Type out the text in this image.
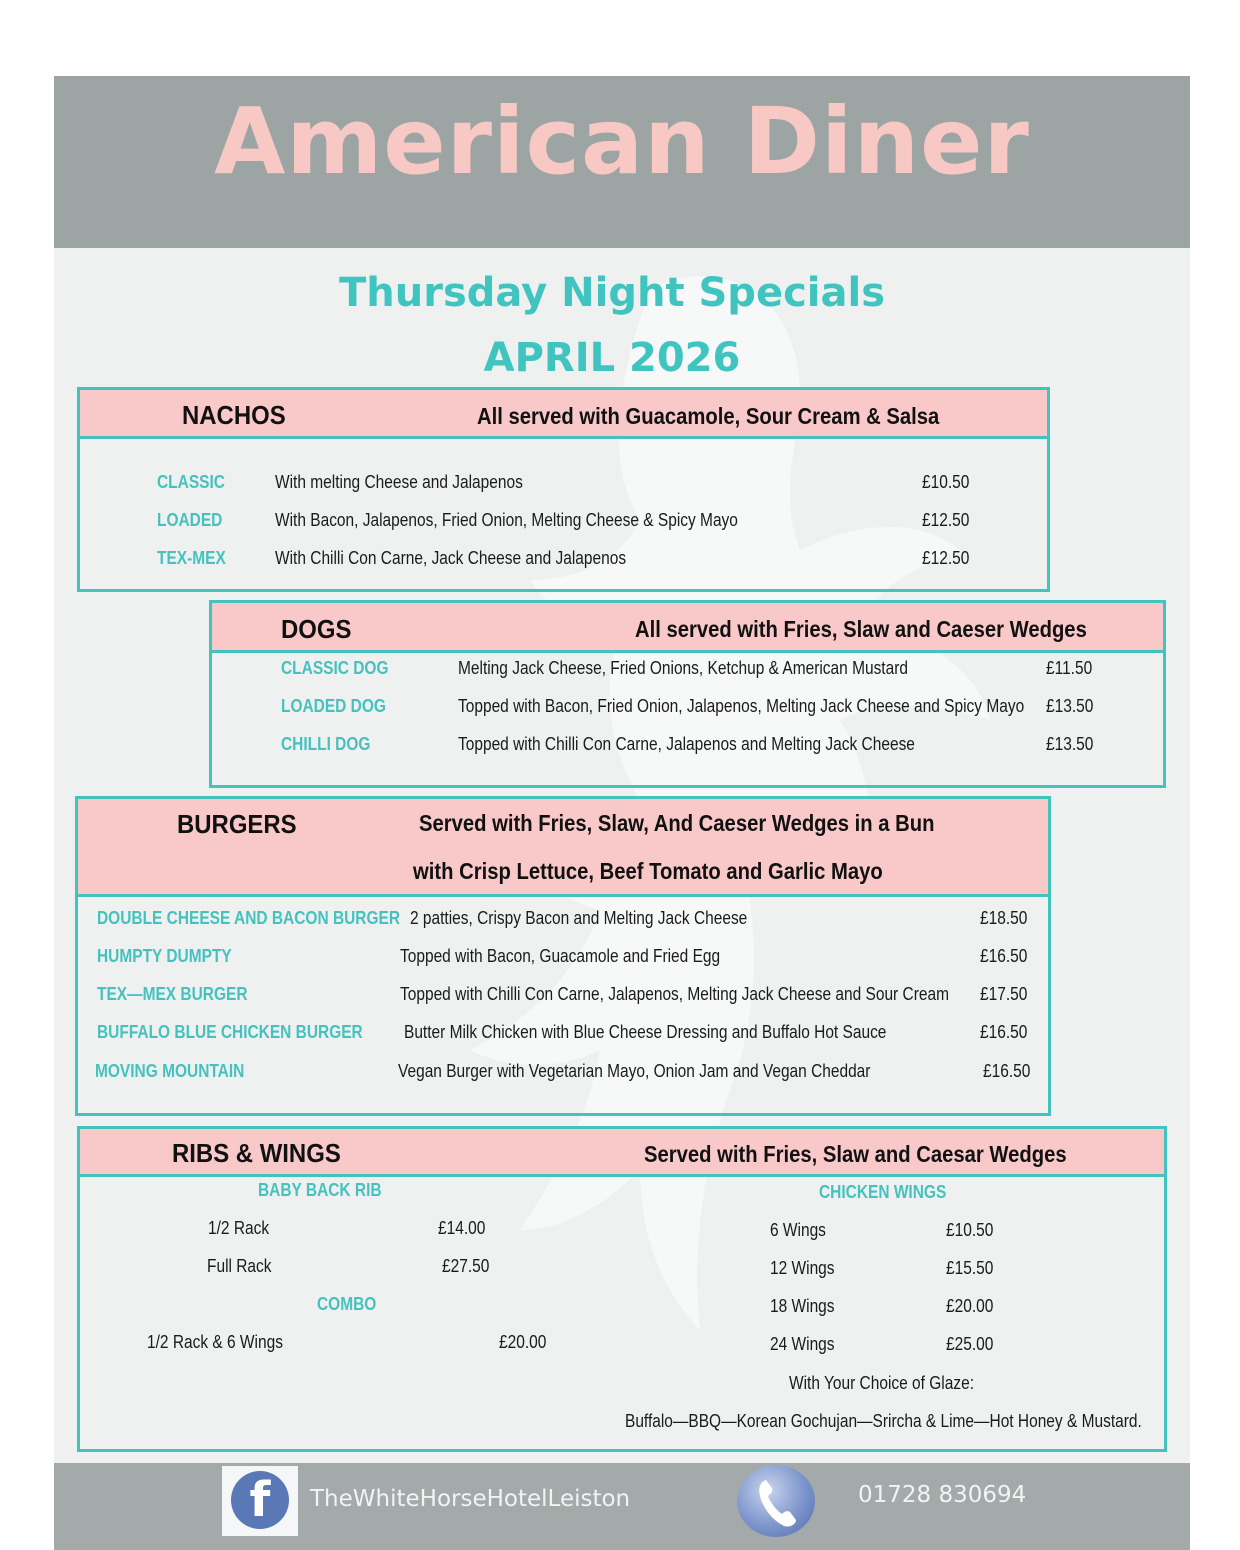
American Diner
Thursday Night Specials
APRIL 2026
NACHOS	All served with Guacamole, Sour Cream & Salsa
CLASSIC	With melting Cheese and Jalapenos	£10.50
LOADED	With Bacon, Jalapenos, Fried Onion, Melting Cheese & Spicy Mayo	£12.50
TEX-MEX	With Chilli Con Carne, Jack Cheese and Jalapenos	£12.50
DOGS	All served with Fries, Slaw and Caeser Wedges
CLASSIC DOG	Melting Jack Cheese, Fried Onions, Ketchup & American Mustard	£11.50
LOADED DOG	Topped with Bacon, Fried Onion, Jalapenos, Melting Jack Cheese and Spicy Mayo £13.50
CHILLI DOG	Topped with Chilli Con Carne, Jalapenos and Melting Jack Cheese	£13.50
BURGERS	Served with Fries, Slaw, And Caeser Wedges in a Bun
with Crisp Lettuce, Beef Tomato and Garlic Mayo
DOUBLE CHEESE AND BACON BURGER 2 patties, Crispy Bacon and Melting Jack Cheese	£18.50
HUMPTY DUMPTY	Topped with Bacon, Guacamole and Fried Egg	£16.50
TEX—MEX BURGER	Topped with Chilli Con Carne, Jalapenos, Melting Jack Cheese and Sour Cream £17.50
BUFFALO BLUE CHICKEN BURGER Butter Milk Chicken with Blue Cheese Dressing and Buffalo Hot Sauce	£16.50
MOVING MOUNTAIN	Vegan Burger with Vegetarian Mayo, Onion Jam and Vegan Cheddar	£16.50
RIBS & WINGS	Served with Fries, Slaw and Caesar Wedges
BABY BACK RIB
1/2 Rack	£14.00
Full Rack	£27.50
COMBO
1/2 Rack & 6 Wings	£20.00
CHICKEN WINGS
6 Wings	£10.50
12 Wings	£15.50
18 Wings	£20.00
24 Wings	£25.00
With Your Choice of Glaze:
Buffalo—BBQ—Korean Gochujan—Srircha & Lime—Hot Honey & Mustard.
f	TheWhiteHorseHotelLeiston	01728 830694
